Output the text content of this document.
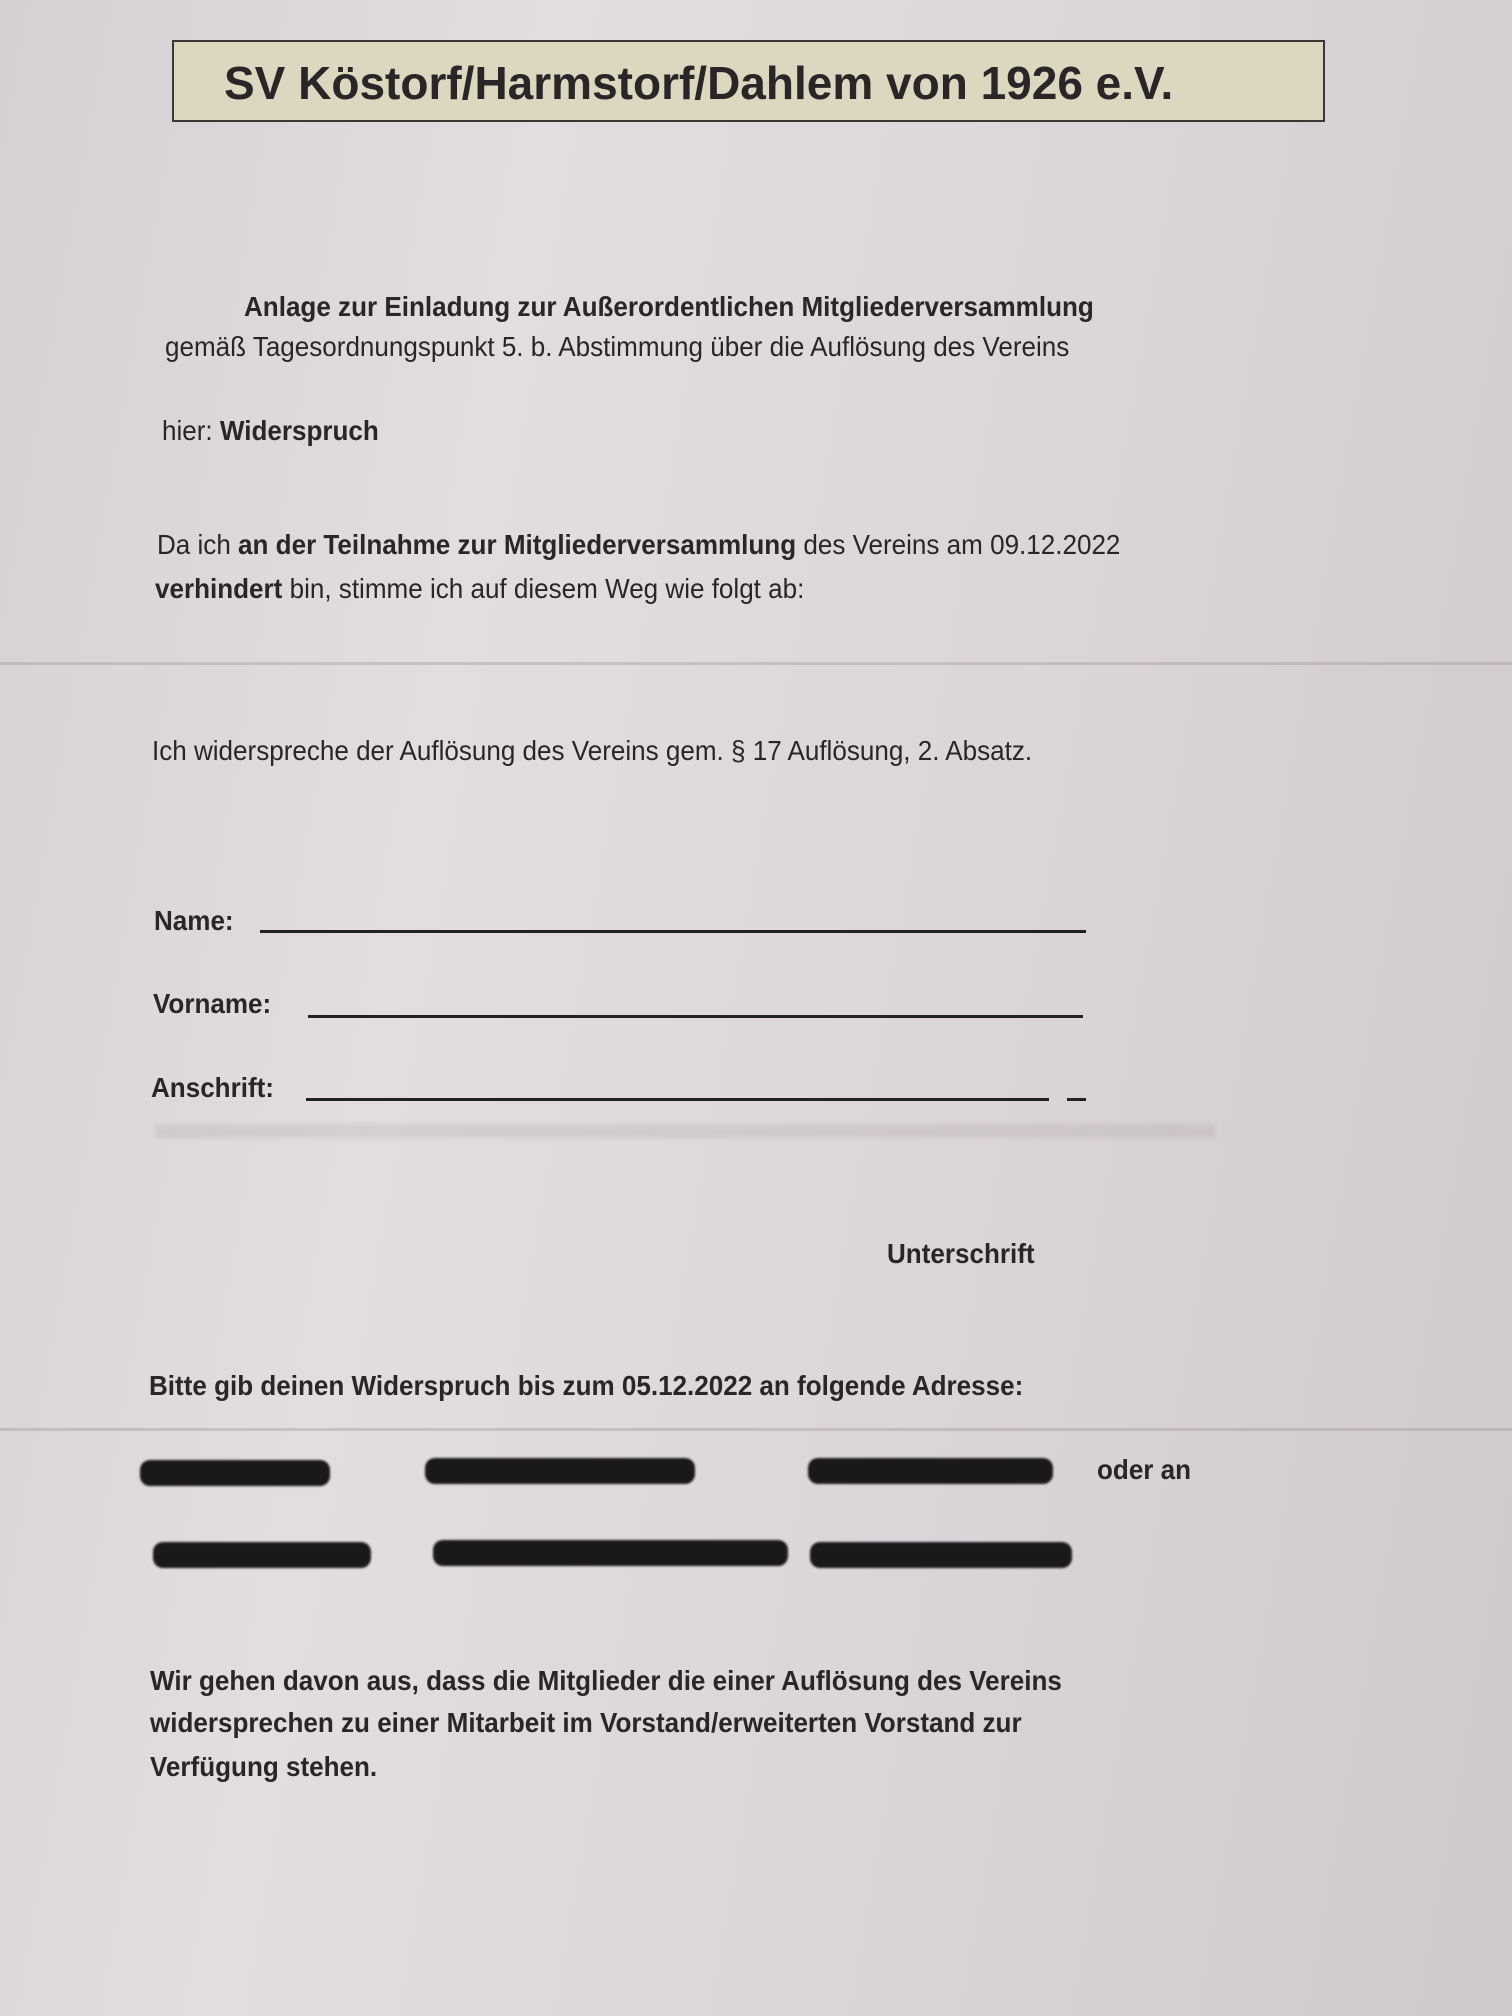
SV Köstorf/Harmstorf/Dahlem von 1926 e.V.
Anlage zur Einladung zur Außerordentlichen Mitgliederversammlung
gemäß Tagesordnungspunkt 5. b. Abstimmung über die Auflösung des Vereins
hier: Widerspruch
Da ich an der Teilnahme zur Mitgliederversammlung des Vereins am 09.12.2022
verhindert bin, stimme ich auf diesem Weg wie folgt ab:
Ich widerspreche der Auflösung des Vereins gem. § 17 Auflösung, 2. Absatz.
Name:
Vorname:
Anschrift:
Unterschrift
Bitte gib deinen Widerspruch bis zum 05.12.2022 an folgende Adresse:
oder an
Wir gehen davon aus, dass die Mitglieder die einer Auflösung des Vereins
widersprechen zu einer Mitarbeit im Vorstand/erweiterten Vorstand zur
Verfügung stehen.
